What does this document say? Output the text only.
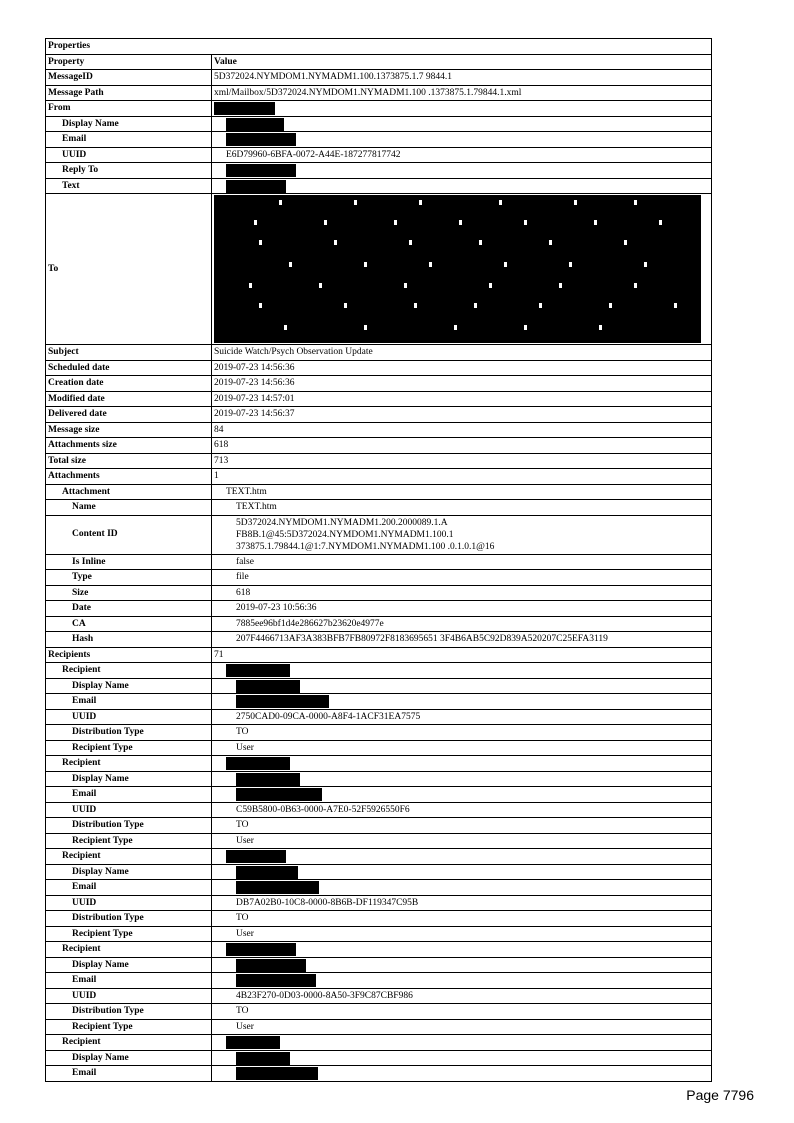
Properties
Property	Value
MessageID	5D372024.NYMDOM1.NYMADM1.100.1373875.1.7 9844.1
Message Path	xml/Mailbox/5D372024.NYMDOM1.NYMADM1.100 .1373875.1.79844.1.xml
From
Display Name
Email
UUID	E6D79960-6BFA-0072-A44E-187277817742
Reply To
Text
To
Subject	Suicide Watch/Psych Observation Update
Scheduled date	2019-07-23 14:56:36
Creation date	2019-07-23 14:56:36
Modified date	2019-07-23 14:57:01
Delivered date	2019-07-23 14:56:37
Message size	84
Attachments size	618
Total size	713
Attachments	1
Attachment	TEXT.htm
Name	TEXT.htm
Content ID
5D372024.NYMDOM1.NYMADM1.200.2000089.1.A
FB8B.1@45:5D372024.NYMDOM1.NYMADM1.100.1
373875.1.79844.1@1:7.NYMDOM1.NYMADM1.100 .0.1.0.1@16
Is Inline	false
Type	file
Size	618
Date	2019-07-23 10:56:36
CA	7885ee96bf1d4e286627b23620e4977e
Hash	207F4466713AF3A383BFB7FB80972F8183695651 3F4B6AB5C92D839A520207C25EFA3119
Recipients	71
Recipient
Display Name
Email
UUID	2750CAD0-09CA-0000-A8F4-1ACF31EA7575
Distribution Type	TO
Recipient Type	User
Recipient
Display Name
Email
UUID	C59B5800-0B63-0000-A7E0-52F5926550F6
Distribution Type	TO
Recipient Type	User
Recipient
Display Name
Email
UUID	DB7A02B0-10C8-0000-8B6B-DF119347C95B
Distribution Type	TO
Recipient Type	User
Recipient
Display Name
Email
UUID	4B23F270-0D03-0000-8A50-3F9C87CBF986
Distribution Type	TO
Recipient Type	User
Recipient
Display Name
Email
Page 7796
